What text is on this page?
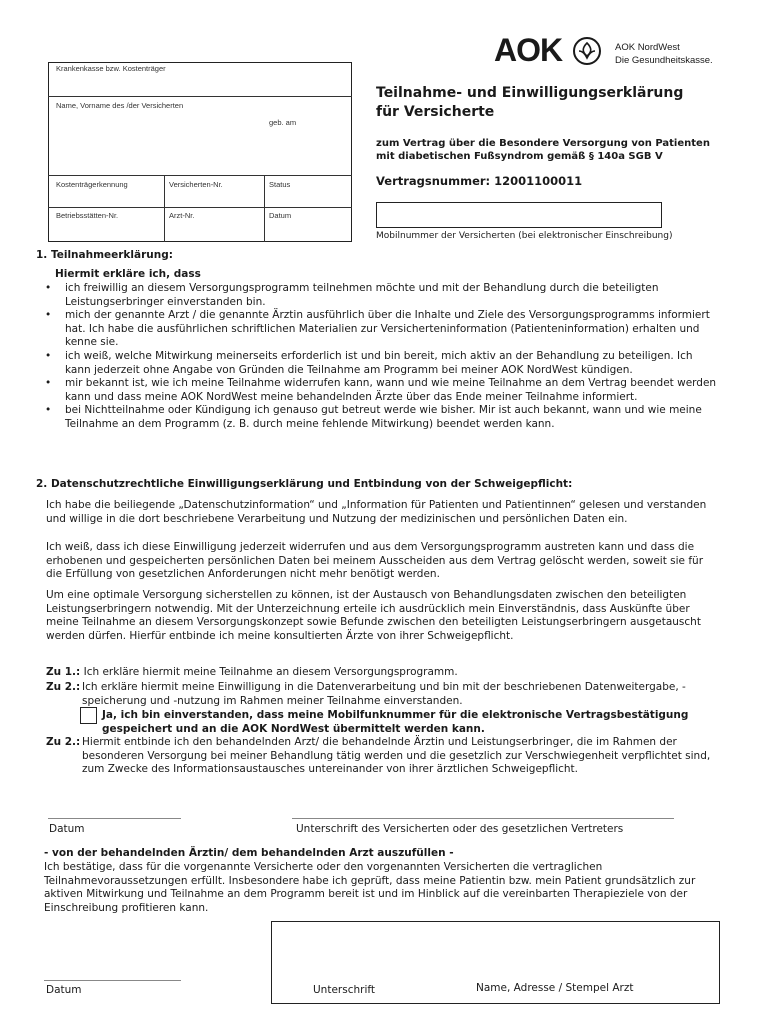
AOK	AOK NordWest
Die Gesundheitskasse.
Krankenkasse bzw. Kostenträger
Name, Vorname des /der Versicherten
geb. am
Kostenträgerkennung	Versicherten-Nr.	Status
Betriebsstätten-Nr.	Arzt-Nr.	Datum
Teilnahme- und Einwilligungserklärung für Versicherte
zum Vertrag über die Besondere Versorgung von Patienten mit diabetischen Fußsyndrom gemäß § 140a SGB V
Vertragsnummer: 12001100011
Mobilnummer der Versicherten (bei elektronischer Einschreibung)
1. Teilnahmeerklärung:
Hiermit erkläre ich, dass
• ich freiwillig an diesem Versorgungsprogramm teilnehmen möchte und mit der Behandlung durch die beteiligten Leistungserbringer einverstanden bin.
• mich der genannte Arzt / die genannte Ärztin ausführlich über die Inhalte und Ziele des Versorgungsprogramms informiert hat. Ich habe die ausführlichen schriftlichen Materialien zur Versicherteninformation (Patienteninformation) erhalten und kenne sie.
• ich weiß, welche Mitwirkung meinerseits erforderlich ist und bin bereit, mich aktiv an der Behandlung zu beteiligen. Ich kann jederzeit ohne Angabe von Gründen die Teilnahme am Programm bei meiner AOK NordWest kündigen.
• mir bekannt ist, wie ich meine Teilnahme widerrufen kann, wann und wie meine Teilnahme an dem Vertrag beendet werden kann und dass meine AOK NordWest meine behandelnden Ärzte über das Ende meiner Teilnahme informiert.
• bei Nichtteilnahme oder Kündigung ich genauso gut betreut werde wie bisher. Mir ist auch bekannt, wann und wie meine Teilnahme an dem Programm (z. B. durch meine fehlende Mitwirkung) beendet werden kann.
2. Datenschutzrechtliche Einwilligungserklärung und Entbindung von der Schweigepflicht:
Ich habe die beiliegende „Datenschutzinformation“ und „Information für Patienten und Patientinnen“ gelesen und verstanden und willige in die dort beschriebene Verarbeitung und Nutzung der medizinischen und persönlichen Daten ein.
Ich weiß, dass ich diese Einwilligung jederzeit widerrufen und aus dem Versorgungsprogramm austreten kann und dass die erhobenen und gespeicherten persönlichen Daten bei meinem Ausscheiden aus dem Vertrag gelöscht werden, soweit sie für die Erfüllung von gesetzlichen Anforderungen nicht mehr benötigt werden.
Um eine optimale Versorgung sicherstellen zu können, ist der Austausch von Behandlungsdaten zwischen den beteiligten Leistungserbringern notwendig. Mit der Unterzeichnung erteile ich ausdrücklich mein Einverständnis, dass Auskünfte über meine Teilnahme an diesem Versorgungskonzept sowie Befunde zwischen den beteiligten Leistungserbringern ausgetauscht werden dürfen. Hierfür entbinde ich meine konsultierten Ärzte von ihrer Schweigepflicht.
Zu 1.: Ich erkläre hiermit meine Teilnahme an diesem Versorgungsprogramm.
Zu 2.: Ich erkläre hiermit meine Einwilligung in die Datenverarbeitung und bin mit der beschriebenen Datenweitergabe, -speicherung und -nutzung im Rahmen meiner Teilnahme einverstanden.
Ja, ich bin einverstanden, dass meine Mobilfunknummer für die elektronische Vertragsbestätigung gespeichert und an die AOK NordWest übermittelt werden kann.
Zu 2.: Hiermit entbinde ich den behandelnden Arzt/ die behandelnde Ärztin und Leistungserbringer, die im Rahmen der besonderen Versorgung bei meiner Behandlung tätig werden und die gesetzlich zur Verschwiegenheit verpflichtet sind, zum Zwecke des Informationsaustausches untereinander von ihrer ärztlichen Schweigepflicht.
Datum	Unterschrift des Versicherten oder des gesetzlichen Vertreters
- von der behandelnden Ärztin/ dem behandelnden Arzt auszufüllen -
Ich bestätige, dass für die vorgenannte Versicherte oder den vorgenannten Versicherten die vertraglichen Teilnahmevoraussetzungen erfüllt. Insbesondere habe ich geprüft, dass meine Patientin bzw. mein Patient grundsätzlich zur aktiven Mitwirkung und Teilnahme an dem Programm bereit ist und im Hinblick auf die vereinbarten Therapieziele von der Einschreibung profitieren kann.
Datum	Unterschrift	Name, Adresse / Stempel Arzt
